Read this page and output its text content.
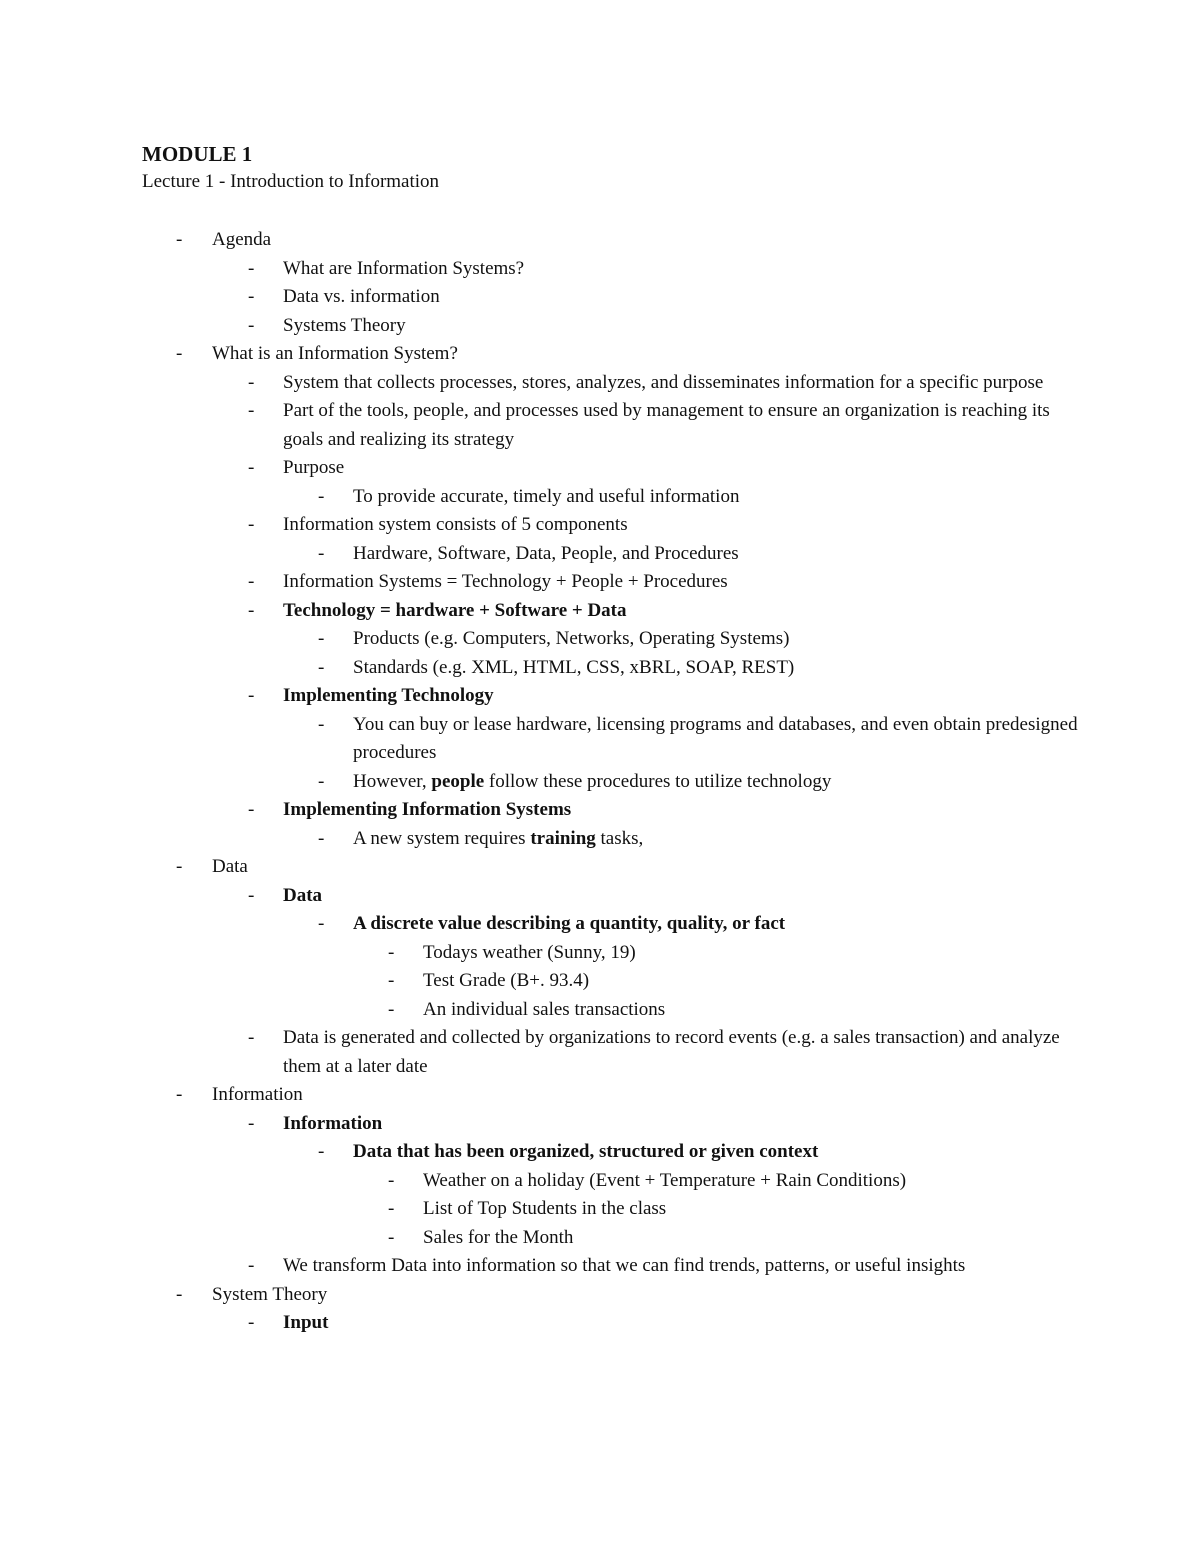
MODULE 1
Lecture 1 - Introduction to Information
- Agenda
- What are Information Systems?
- Data vs. information
- Systems Theory
- What is an Information System?
- System that collects processes, stores, analyzes, and disseminates information for a specific purpose
- Part of the tools, people, and processes used by management to ensure an organization is reaching its goals and realizing its strategy
- Purpose
- To provide accurate, timely and useful information
- Information system consists of 5 components
- Hardware, Software, Data, People, and Procedures
- Information Systems = Technology + People + Procedures
- Technology = hardware + Software + Data
- Products (e.g. Computers, Networks, Operating Systems)
- Standards (e.g. XML, HTML, CSS, xBRL, SOAP, REST)
- Implementing Technology
- You can buy or lease hardware, licensing programs and databases, and even obtain predesigned procedures
- However, people follow these procedures to utilize technology
- Implementing Information Systems
- A new system requires training tasks,
- Data
- Data
- A discrete value describing a quantity, quality, or fact
- Todays weather (Sunny, 19)
- Test Grade (B+. 93.4)
- An individual sales transactions
- Data is generated and collected by organizations to record events (e.g. a sales transaction) and analyze them at a later date
- Information
- Information
- Data that has been organized, structured or given context
- Weather on a holiday (Event + Temperature + Rain Conditions)
- List of Top Students in the class
- Sales for the Month
- We transform Data into information so that we can find trends, patterns, or useful insights
- System Theory
- Input
